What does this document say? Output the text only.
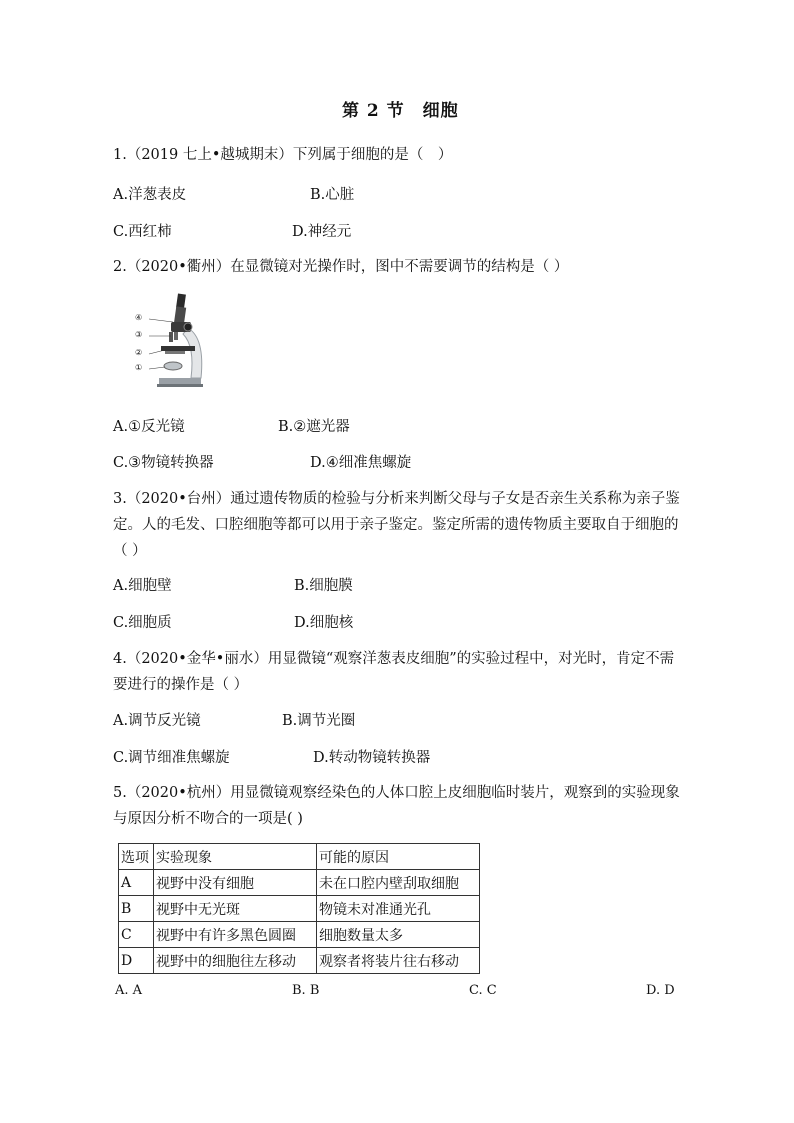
第 2 节　细胞
1.（2019 七上•越城期末）下列属于细胞的是（　）
A.洋葱表皮	B.心脏
C.西红柿	D.神经元
2.（2020•衢州）在显微镜对光操作时，图中不需要调节的结构是（ ）
④
③
②
①
A.①反光镜	B.②遮光器
C.③物镜转换器	D.④细准焦螺旋
3.（2020•台州）通过遗传物质的检验与分析来判断父母与子女是否亲生关系称为亲子鉴定。人的毛发、口腔细胞等都可以用于亲子鉴定。鉴定所需的遗传物质主要取自于细胞的（ ）
A.细胞壁	B.细胞膜
C.细胞质	D.细胞核
4.（2020•金华•丽水）用显微镜“观察洋葱表皮细胞”的实验过程中，对光时，肯定不需要进行的操作是（ ）
A.调节反光镜	B.调节光圈
C.调节细准焦螺旋	D.转动物镜转换器
5.（2020•杭州）用显微镜观察经染色的人体口腔上皮细胞临时装片，观察到的实验现象与原因分析不吻合的一项是( )
选项	实验现象	可能的原因
A	视野中没有细胞	未在口腔内壁刮取细胞
B	视野中无光斑	物镜未对准通光孔
C	视野中有许多黑色圆圈	细胞数量太多
D	视野中的细胞往左移动	观察者将装片往右移动
A. A	B. B	C. C	D. D
